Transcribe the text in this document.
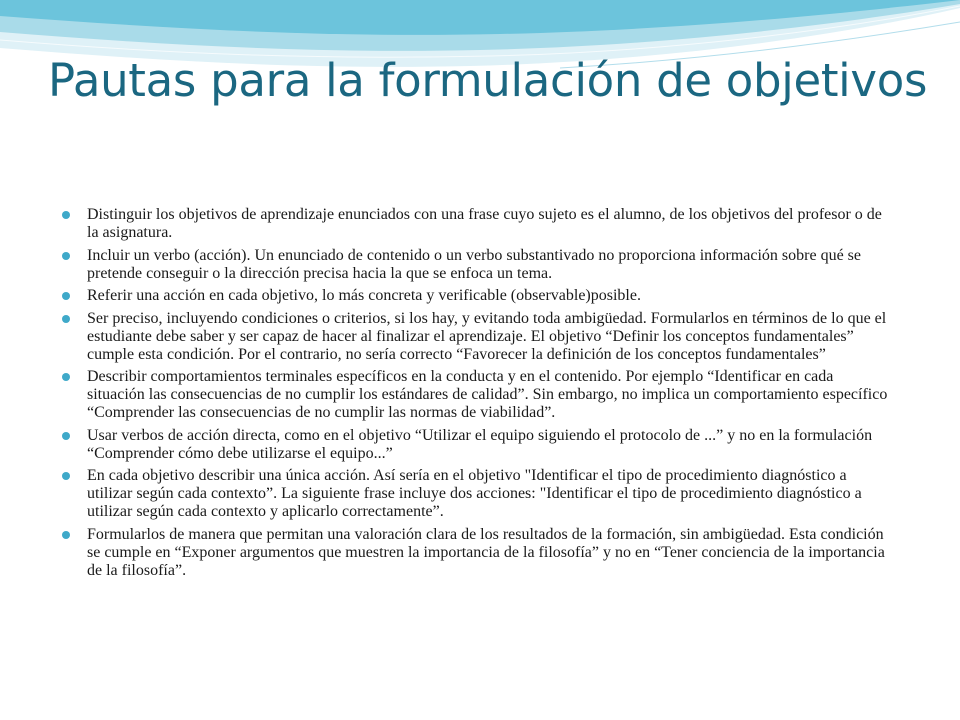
Pautas para la formulación de objetivos
Distinguir los objetivos de aprendizaje enunciados con una frase cuyo sujeto es el alumno, de los objetivos del profesor o de la asignatura.
Incluir un verbo (acción). Un enunciado de contenido o un verbo substantivado no proporciona información sobre qué se pretende conseguir o la dirección precisa hacia la que se enfoca un tema.
Referir una acción en cada objetivo, lo más concreta y verificable (observable)posible.
Ser preciso, incluyendo condiciones o criterios, si los hay, y evitando toda ambigüedad. Formularlos en términos de lo que el estudiante debe saber y ser capaz de hacer al finalizar el aprendizaje. El objetivo “Definir los conceptos fundamentales” cumple esta condición. Por el contrario, no sería correcto “Favorecer la definición de los conceptos fundamentales”
Describir comportamientos terminales específicos en la conducta y en el contenido. Por ejemplo “Identificar en cada situación las consecuencias de no cumplir los estándares de calidad”. Sin embargo, no implica un comportamiento específico “Comprender las consecuencias de no cumplir las normas de viabilidad”.
Usar verbos de acción directa, como en el objetivo “Utilizar el equipo siguiendo el protocolo de ...” y no en la formulación “Comprender cómo debe utilizarse el equipo...”
En cada objetivo describir una única acción. Así sería en el objetivo "Identificar el tipo de procedimiento diagnóstico a utilizar según cada contexto”. La siguiente frase incluye dos acciones: "Identificar el tipo de procedimiento diagnóstico a utilizar según cada contexto y aplicarlo correctamente”.
Formularlos de manera que permitan una valoración clara de los resultados de la formación, sin ambigüedad. Esta condición se cumple en “Exponer argumentos que muestren la importancia de la filosofía” y no en “Tener conciencia de la importancia de la filosofía”.
